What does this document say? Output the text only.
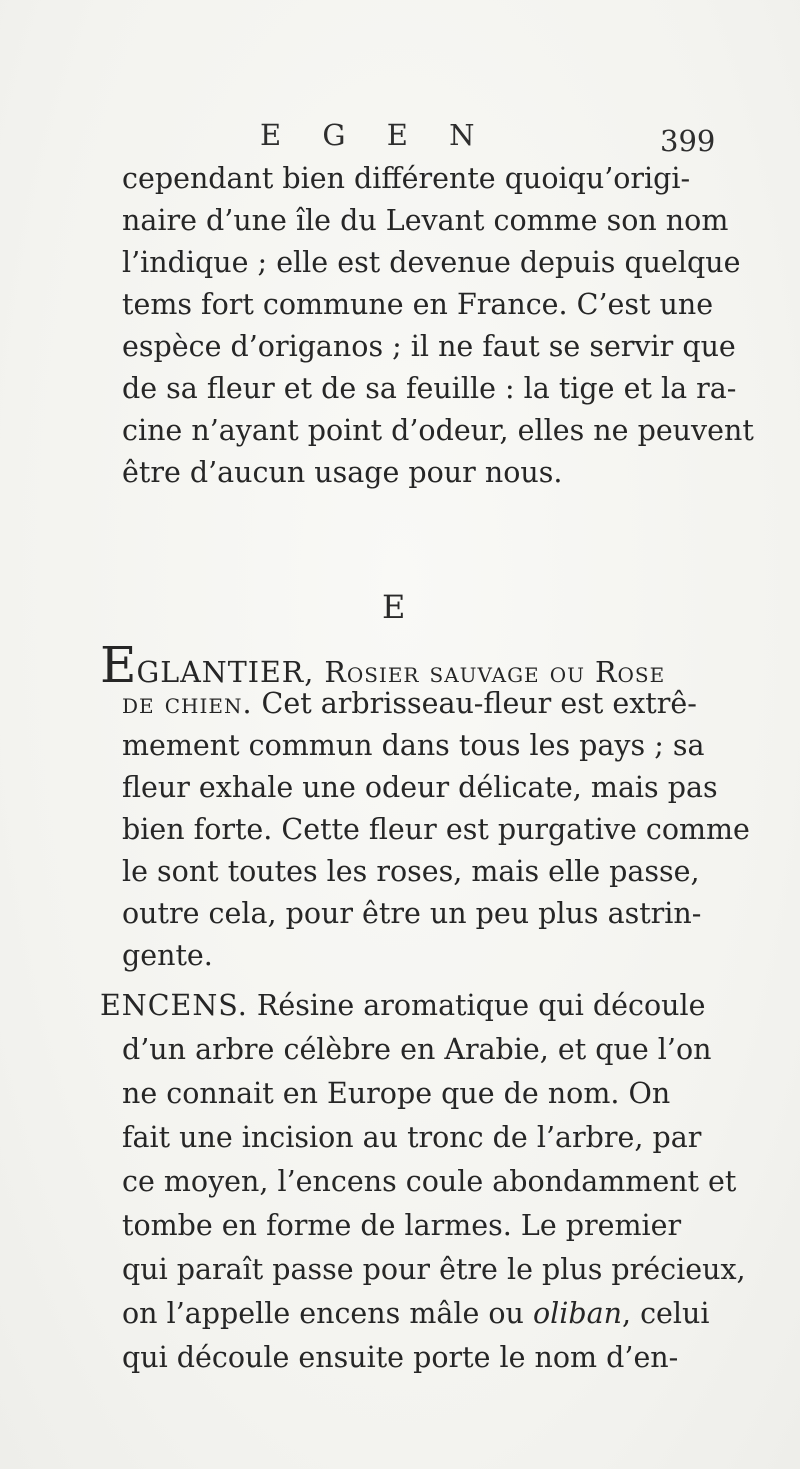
E G E N	399
cependant bien différente quoiqu’origi-
naire d’une île du Levant comme son nom
l’indique ; elle est devenue depuis quelque
tems fort commune en France. C’est une
espèce d’origanos ; il ne faut se servir que
de sa fleur et de sa feuille : la tige et la ra-
cine n’ayant point d’odeur, elles ne peuvent
être d’aucun usage pour nous.
E
EGLANTIER, Rosier sauvage ou Rose
de chien. Cet arbrisseau-fleur est extrê-
mement commun dans tous les pays ; sa
fleur exhale une odeur délicate, mais pas
bien forte. Cette fleur est purgative comme
le sont toutes les roses, mais elle passe,
outre cela, pour être un peu plus astrin-
gente.
ENCENS. Résine aromatique qui découle
d’un arbre célèbre en Arabie, et que l’on
ne connait en Europe que de nom. On
fait une incision au tronc de l’arbre, par
ce moyen, l’encens coule abondamment et
tombe en forme de larmes. Le premier
qui paraît passe pour être le plus précieux,
on l’appelle encens mâle ou oliban, celui
qui découle ensuite porte le nom d’en-
